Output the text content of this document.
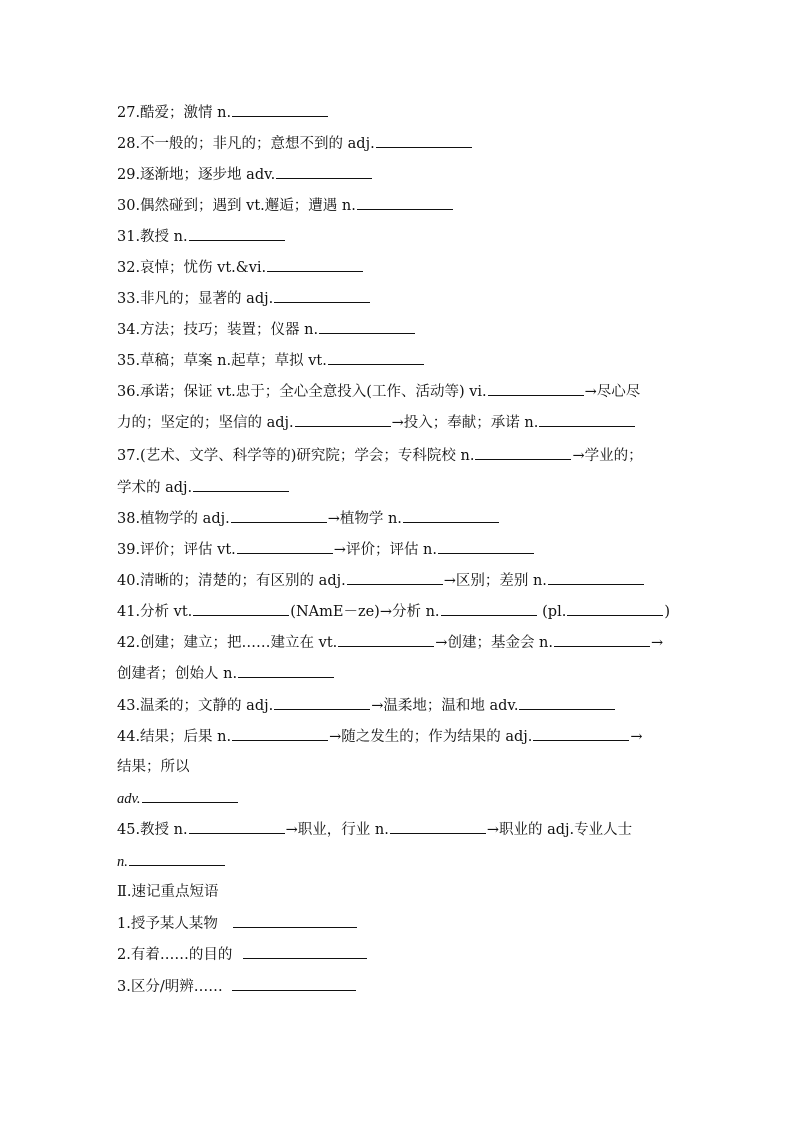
27.酷爱；激情 n.
28.不一般的；非凡的；意想不到的 adj.
29.逐渐地；逐步地 adv.
30.偶然碰到；遇到 vt.邂逅；遭遇 n.
31.教授 n.
32.哀悼；忧伤 vt.&vi.
33.非凡的；显著的 adj.
34.方法；技巧；装置；仪器 n.
35.草稿；草案 n.起草；草拟 vt.
36.承诺；保证 vt.忠于；全心全意投入(工作、活动等) vi.	→尽心尽
力的；坚定的；坚信的 adj.	→投入；奉献；承诺 n.
37.(艺术、文学、科学等的)研究院；学会；专科院校 n.	→学业的；
学术的 adj.
38.植物学的 adj.	→植物学 n.
39.评价；评估 vt.	→评价；评估 n.
40.清晰的；清楚的；有区别的 adj.	→区别；差别 n.
41.分析 vt.	(NAmE－ze)→分析 n.	(pl.	)
42.创建；建立；把……建立在 vt.	→创建；基金会 n.	→
创建者；创始人 n.
43.温柔的；文静的 adj.	→温柔地；温和地 adv.
44.结果；后果 n.	→随之发生的；作为结果的 adj.	→
结果；所以
adv.
45.教授 n.	→职业，行业 n.	→职业的 adj.专业人士
n.
Ⅱ.速记重点短语
1.授予某人某物
2.有着……的目的
3.区分/明辨……
